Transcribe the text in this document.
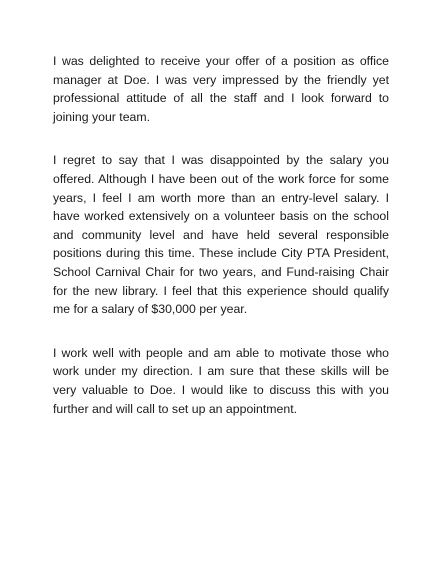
I was delighted to receive your offer of a position as office manager at Doe. I was very impressed by the friendly yet professional attitude of all the staff and I look forward to joining your team.

I regret to say that I was disappointed by the salary you offered. Although I have been out of the work force for some years, I feel I am worth more than an entry-level salary. I have worked extensively on a volunteer basis on the school and community level and have held several responsible positions during this time. These include City PTA President, School Carnival Chair for two years, and Fund-raising Chair for the new library. I feel that this experience should qualify me for a salary of $30,000 per year.

I work well with people and am able to motivate those who work under my direction. I am sure that these skills will be very valuable to Doe. I would like to discuss this with you further and will call to set up an appointment.
